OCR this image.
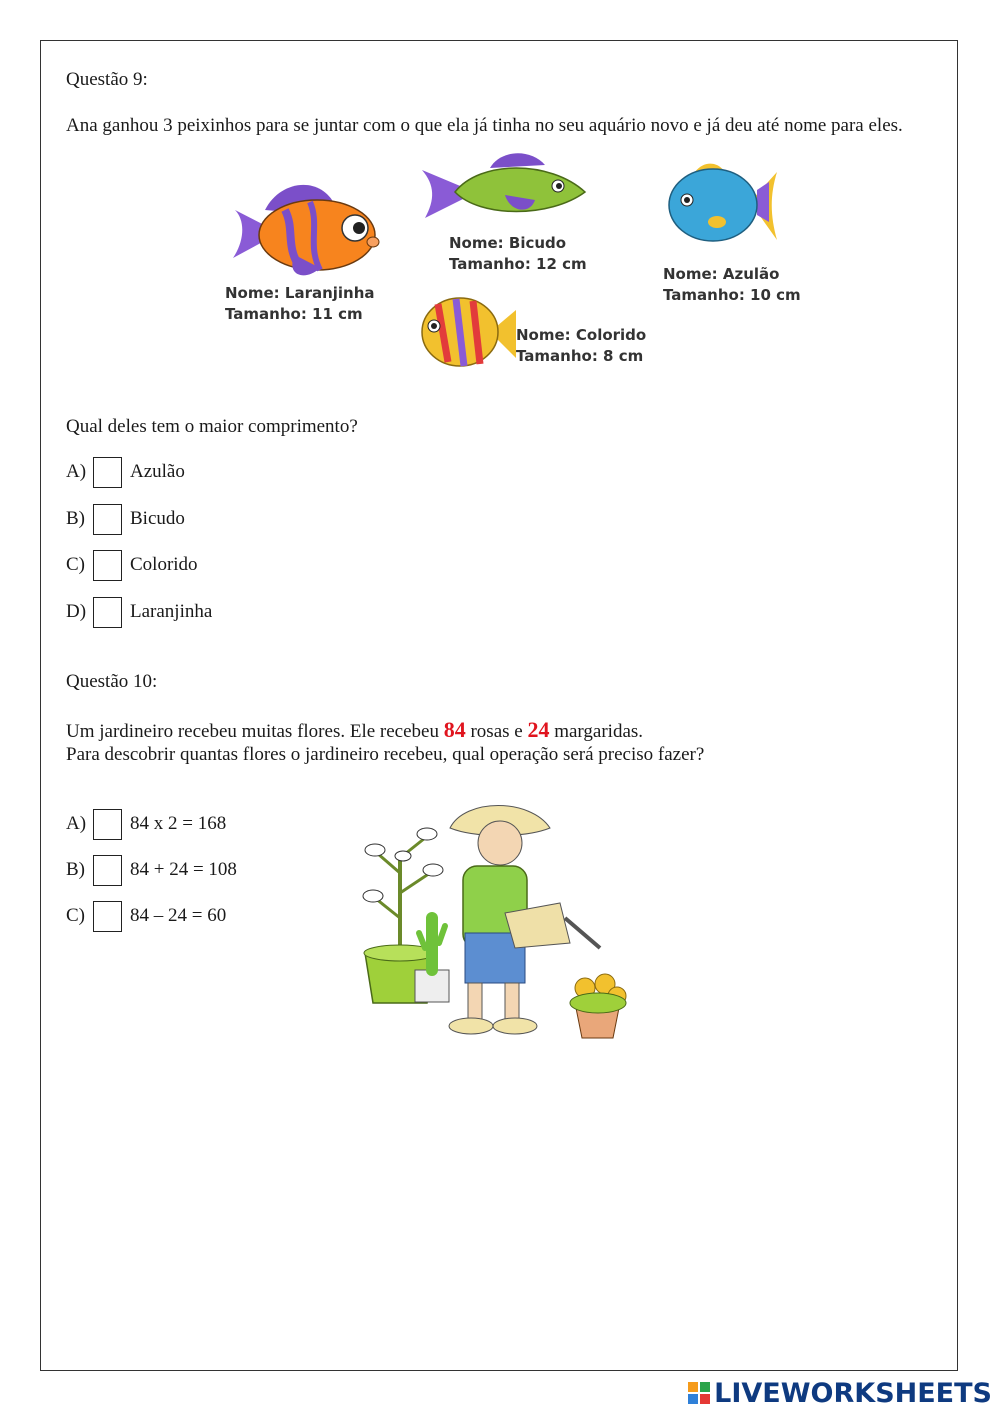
Questão 9:
Ana ganhou 3 peixinhos para se juntar com o que ela já tinha no seu aquário novo e já deu até nome para eles.
Nome: Laranjinha
Tamanho: 11 cm
Nome: Bicudo
Tamanho: 12 cm
Nome: Azulão
Tamanho: 10 cm
Nome: Colorido
Tamanho: 8 cm
Qual deles tem o maior comprimento?
A)	Azulão
B)	Bicudo
C)	Colorido
D)	Laranjinha
Questão 10:
Um jardineiro recebeu muitas flores. Ele recebeu 84 rosas e 24 margaridas.
Para descobrir quantas flores o jardineiro recebeu, qual operação será preciso fazer?
A)	84 x 2 = 168
B)	84 + 24 = 108
C)	84 – 24 = 60
LIVEWORKSHEETS
